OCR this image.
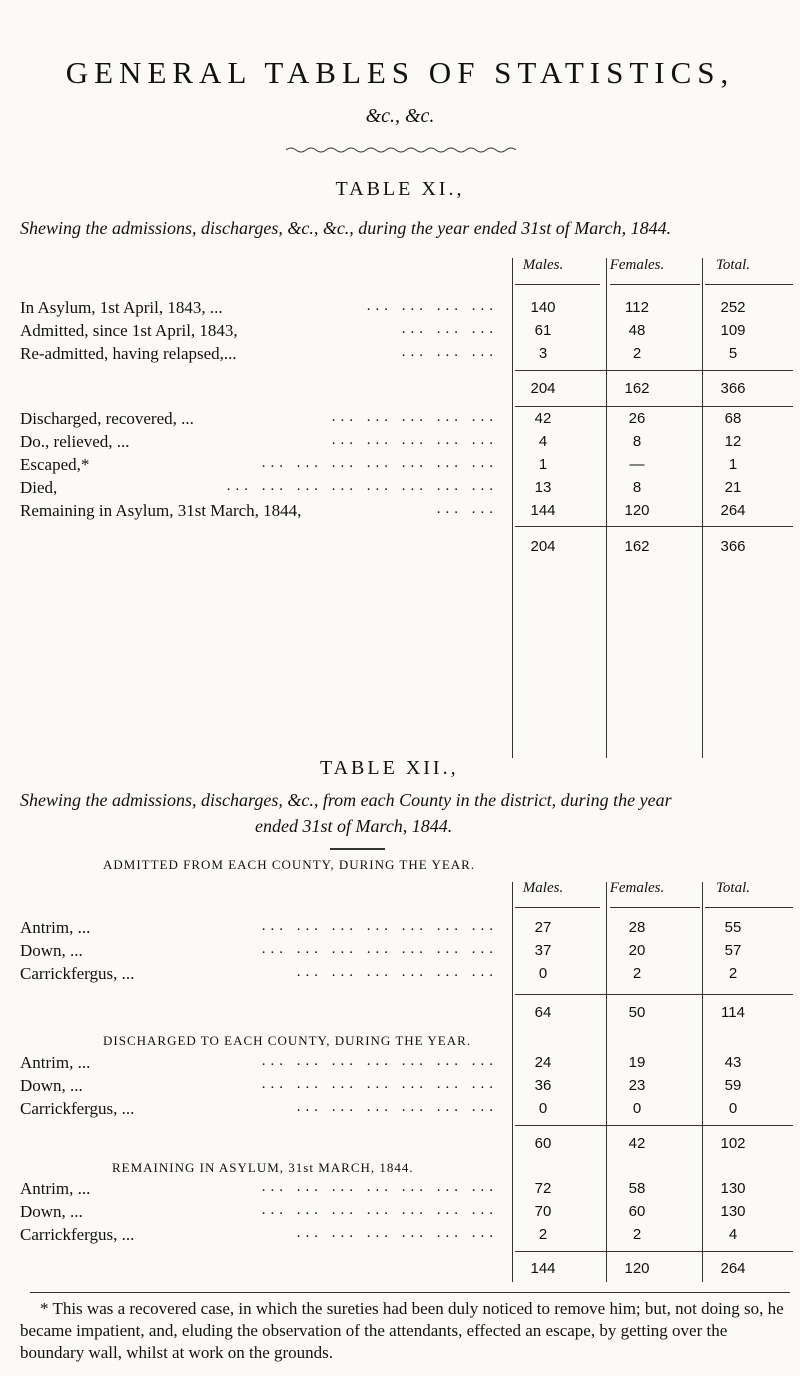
GENERAL TABLES OF STATISTICS,
&c., &c.
TABLE XI.,
Shewing the admissions, discharges, &c., &c., during the year ended 31st of March, 1844.
Males.	Females.	Total.
In Asylum, 1st April, 1843, ...	... ... ... ...	140	112	252
Admitted, since 1st April, 1843,	... ... ...	61	48	109
Re-admitted, having relapsed,...	... ... ...	3	2	5
204	162	366
Discharged, recovered, ...	... ... ... ... ...	42	26	68
Do., relieved, ...	... ... ... ... ...	4	8	12
Escaped,*	... ... ... ... ... ... ...	1	—	1
Died,	... ... ... ... ... ... ... ...	13	8	21
Remaining in Asylum, 31st March, 1844,	... ...	144	120	264
204	162	366
TABLE XII.,
Shewing the admissions, discharges, &c., from each County in the district, during the year
ended 31st of March, 1844.
ADMITTED FROM EACH COUNTY, DURING THE YEAR.
Males.	Females.	Total.
Antrim, ...	... ... ... ... ... ... ...	27	28	55
Down, ...	... ... ... ... ... ... ...	37	20	57
Carrickfergus, ...	... ... ... ... ... ...	0	2	2
64	50	114
DISCHARGED TO EACH COUNTY, DURING THE YEAR.
Antrim, ...	... ... ... ... ... ... ...	24	19	43
Down, ...	... ... ... ... ... ... ...	36	23	59
Carrickfergus, ...	... ... ... ... ... ...	0	0	0
60	42	102
REMAINING IN ASYLUM, 31st MARCH, 1844.
Antrim, ...	... ... ... ... ... ... ...	72	58	130
Down, ...	... ... ... ... ... ... ...	70	60	130
Carrickfergus, ...	... ... ... ... ... ...	2	2	4
144	120	264
* This was a recovered case, in which the sureties had been duly noticed to remove him; but, not doing so, he became impatient, and, eluding the observation of the attendants, effected an escape, by getting over the boundary wall, whilst at work on the grounds.
